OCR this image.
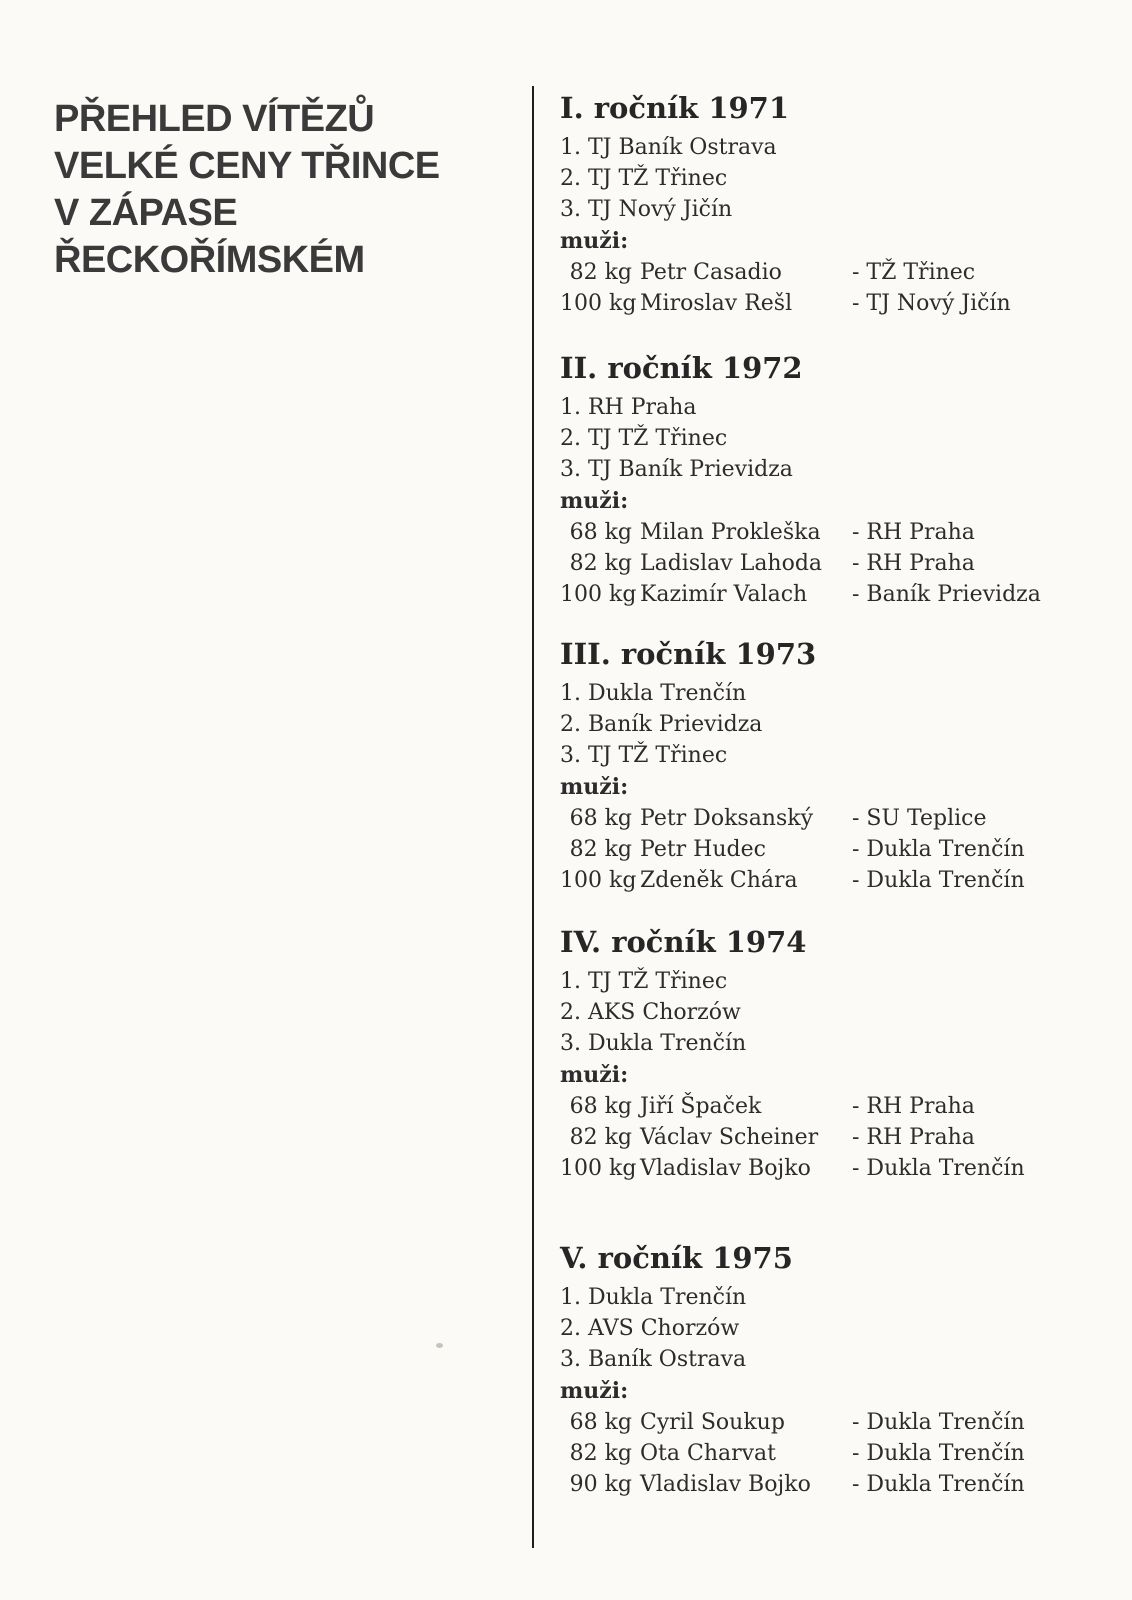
PŘEHLED VÍTĚZŮ
VELKÉ CENY TŘINCE
V ZÁPASE
ŘECKOŘÍMSKÉM
I. ročník 1971
1. TJ Baník Ostrava
2. TJ TŽ Třinec
3. TJ Nový Jičín
muži:
82 kg Petr Casadio	- TŽ Třinec
100 kg Miroslav Rešl	- TJ Nový Jičín
II. ročník 1972
1. RH Praha
2. TJ TŽ Třinec
3. TJ Baník Prievidza
muži:
68 kg Milan Prokleška	- RH Praha
82 kg Ladislav Lahoda	- RH Praha
100 kg Kazimír Valach	- Baník Prievidza
III. ročník 1973
1. Dukla Trenčín
2. Baník Prievidza
3. TJ TŽ Třinec
muži:
68 kg Petr Doksanský	- SU Teplice
82 kg Petr Hudec	- Dukla Trenčín
100 kg Zdeněk Chára	- Dukla Trenčín
IV. ročník 1974
1. TJ TŽ Třinec
2. AKS Chorzów
3. Dukla Trenčín
muži:
68 kg Jiří Špaček	- RH Praha
82 kg Václav Scheiner	- RH Praha
100 kg Vladislav Bojko	- Dukla Trenčín
V. ročník 1975
1. Dukla Trenčín
2. AVS Chorzów
3. Baník Ostrava
muži:
68 kg Cyril Soukup	- Dukla Trenčín
82 kg Ota Charvat	- Dukla Trenčín
90 kg Vladislav Bojko	- Dukla Trenčín
